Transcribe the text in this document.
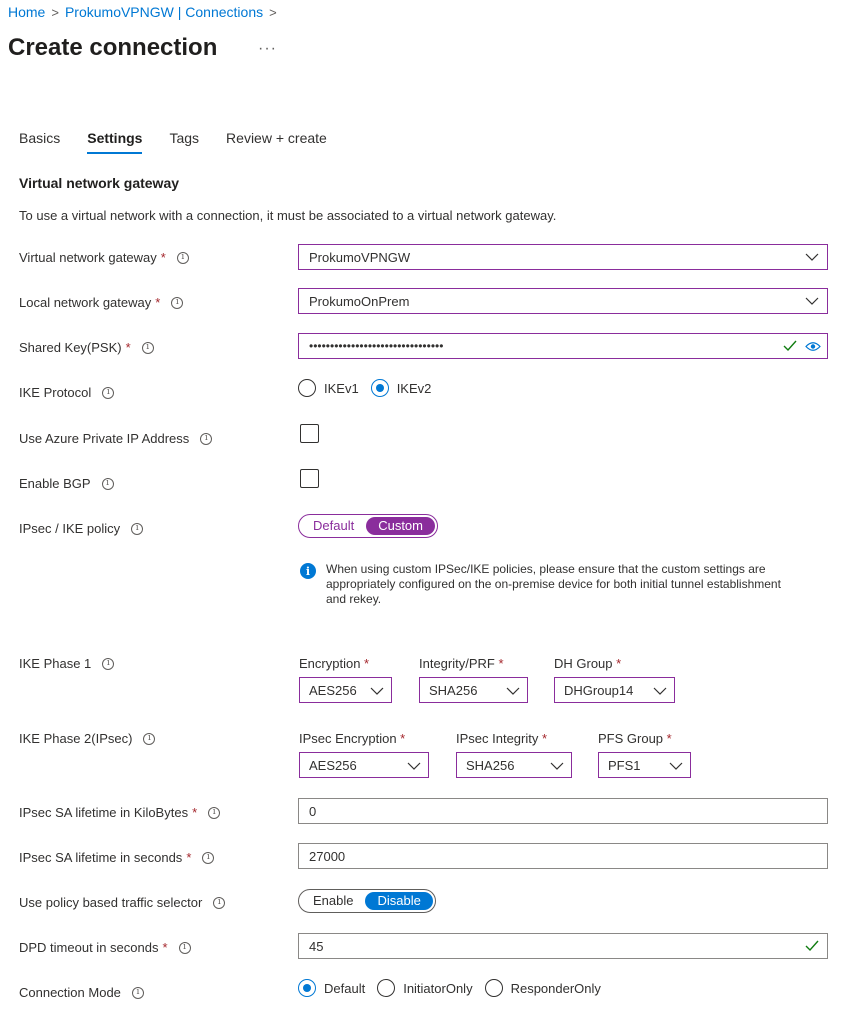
Home > ProkumoVPNGW | Connections >
Create connection	···
Basics Settings Tags Review + create
Virtual network gateway
To use a virtual network with a connection, it must be associated to a virtual network gateway.
Virtual network gateway *	i	ProkumoVPNGW
Local network gateway *	i	ProkumoOnPrem
Shared Key(PSK) *	i	••••••••••••••••••••••••••••••••
IKE Protocol	i	IKEv1	IKEv2
Use Azure Private IP Address	i
Enable BGP	i
IPsec / IKE policy	i	Default	Custom
i	When using custom IPSec/IKE policies, please ensure that the custom settings are appropriately configured on the on-premise device for both initial tunnel establishment and rekey.
IKE Phase 1	i	Encryption *	Integrity/PRF *	DH Group *
AES256	SHA256	DHGroup14
IKE Phase 2(IPsec)	i	IPsec Encryption *	IPsec Integrity *	PFS Group *
AES256	SHA256	PFS1
IPsec SA lifetime in KiloBytes *	i	0
IPsec SA lifetime in seconds *	i	27000
Use policy based traffic selector	i	Enable	Disable
DPD timeout in seconds *	i	45
Connection Mode	i	Default	InitiatorOnly	ResponderOnly
